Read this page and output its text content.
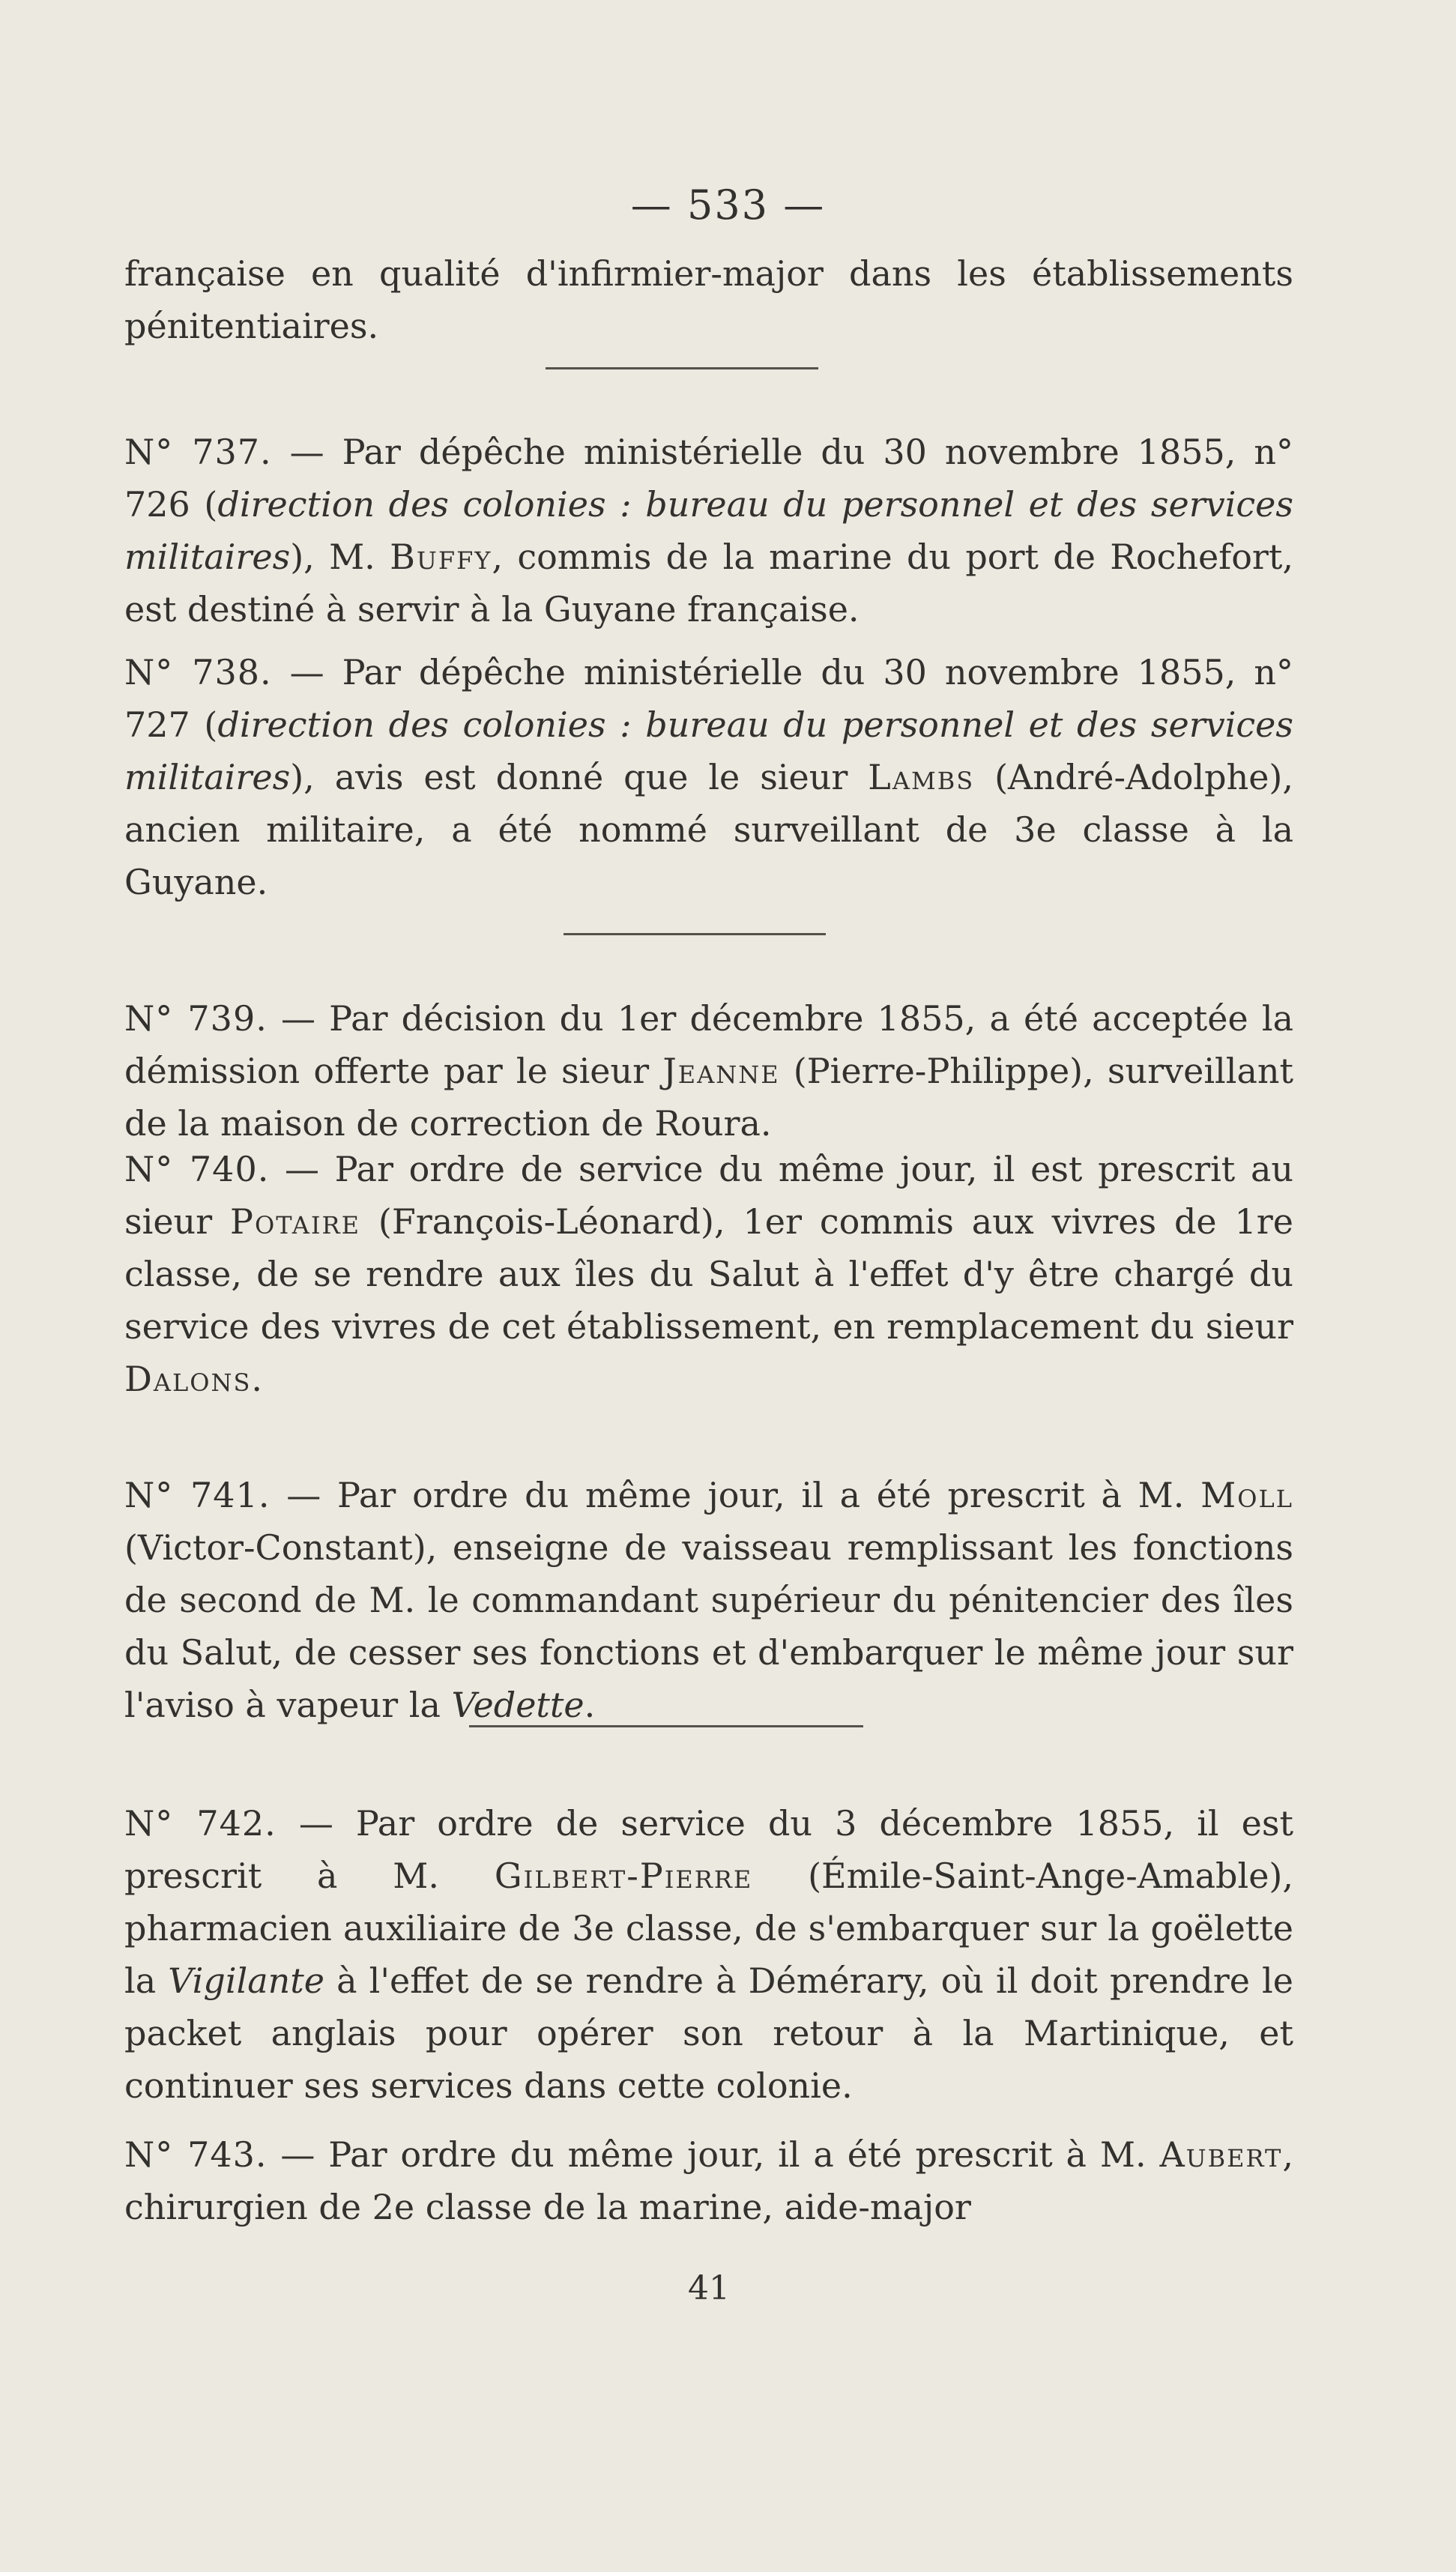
— 533 —

française en qualité d'infirmier-major dans les établissements pénitentiaires.

N° 737. — Par dépêche ministérielle du 30 novembre 1855, n° 726 (direction des colonies : bureau du personnel et des services militaires), M. Buffy, commis de la marine du port de Rochefort, est destiné à servir à la Guyane française.

N° 738. — Par dépêche ministérielle du 30 novembre 1855, n° 727 (direction des colonies : bureau du personnel et des services militaires), avis est donné que le sieur Lambs (André-Adolphe), ancien militaire, a été nommé surveillant de 3e classe à la Guyane.

N° 739. — Par décision du 1er décembre 1855, a été acceptée la démission offerte par le sieur Jeanne (Pierre-Philippe), surveillant de la maison de correction de Roura.

N° 740. — Par ordre de service du même jour, il est prescrit au sieur Potaire (François-Léonard), 1er commis aux vivres de 1re classe, de se rendre aux îles du Salut à l'effet d'y être chargé du service des vivres de cet établissement, en remplacement du sieur Dalons.

N° 741. — Par ordre du même jour, il a été prescrit à M. Moll (Victor-Constant), enseigne de vaisseau remplissant les fonctions de second de M. le commandant supérieur du pénitencier des îles du Salut, de cesser ses fonctions et d'embarquer le même jour sur l'aviso à vapeur la Vedette.

N° 742. — Par ordre de service du 3 décembre 1855, il est prescrit à M. Gilbert-Pierre (Émile-Saint-Ange-Amable), pharmacien auxiliaire de 3e classe, de s'embarquer sur la goëlette la Vigilante à l'effet de se rendre à Démérary, où il doit prendre le packet anglais pour opérer son retour à la Martinique, et continuer ses services dans cette colonie.

N° 743. — Par ordre du même jour, il a été prescrit à M. Aubert, chirurgien de 2e classe de la marine, aide-major

41
